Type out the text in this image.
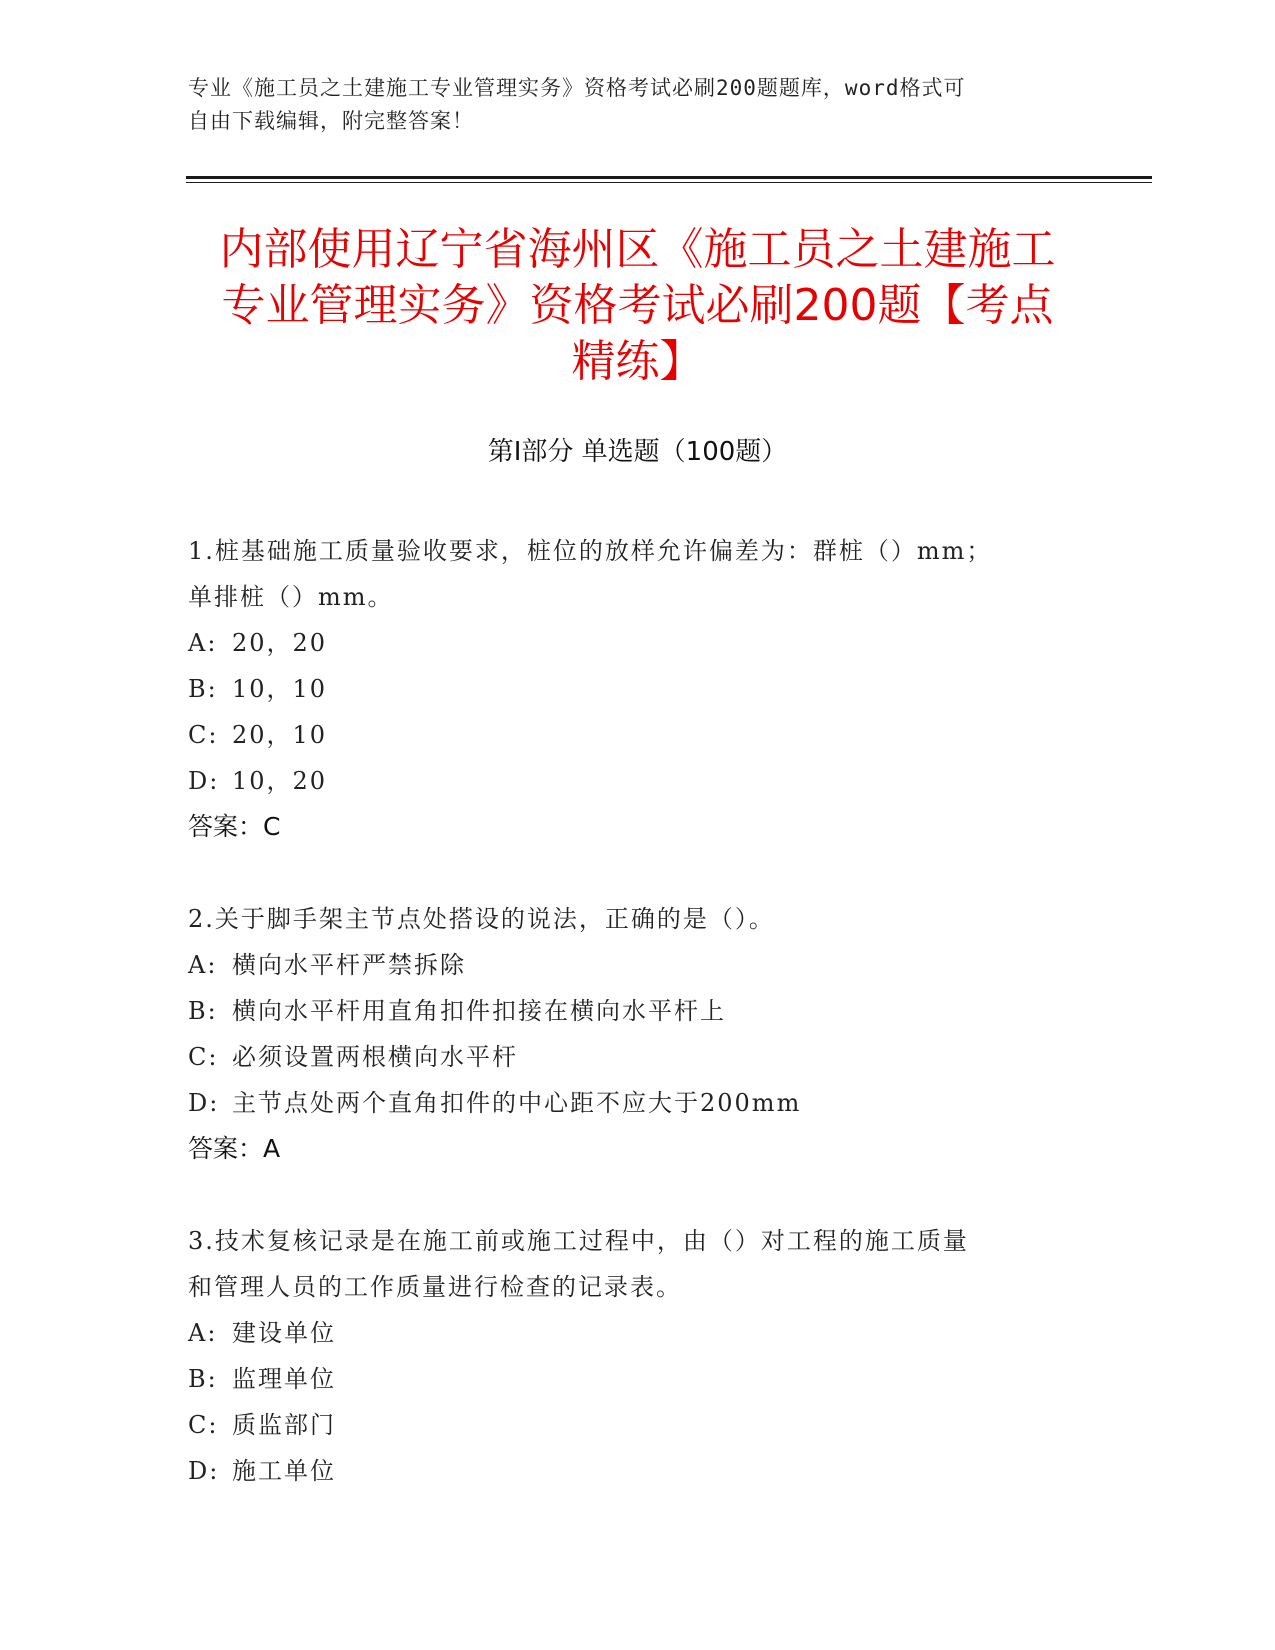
专业《施工员之土建施工专业管理实务》资格考试必刷200题题库，word格式可
自由下载编辑，附完整答案！
内部使用辽宁省海州区《施工员之土建施工
专业管理实务》资格考试必刷200题【考点
精练】
第Ⅰ部分 单选题（100题）
1.桩基础施工质量验收要求，桩位的放样允许偏差为：群桩（）mm；
单排桩（）mm。
A: 20，20
B: 10，10
C: 20，10
D: 10，20
答案：C
2.关于脚手架主节点处搭设的说法，正确的是（）。
A: 横向水平杆严禁拆除
B: 横向水平杆用直角扣件扣接在横向水平杆上
C: 必须设置两根横向水平杆
D: 主节点处两个直角扣件的中心距不应大于200mm
答案：A
3.技术复核记录是在施工前或施工过程中，由（）对工程的施工质量
和管理人员的工作质量进行检查的记录表。
A: 建设单位
B: 监理单位
C: 质监部门
D: 施工单位
